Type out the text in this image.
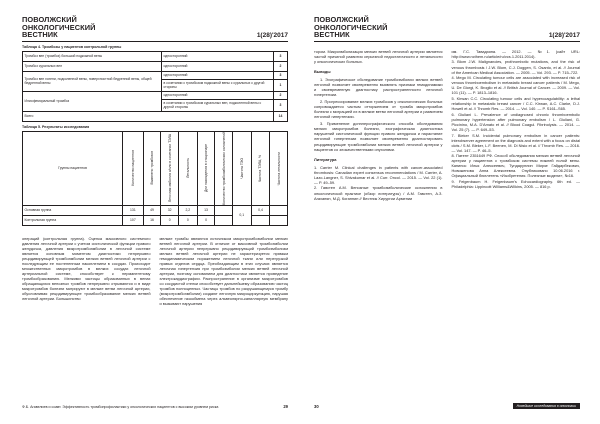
ПОВОЛЖСКИЙ
ОНКОЛОГИЧЕСКИЙ
ВЕСТНИК	1(28)'2017
Таблица 4. Тромбозы у пациентов контрольной группы
Тромбоз вен (тромбоз) большой подкожной вены	односторонний	3
Тромбоз суральных вен	односторонний	2
Тромбоз вен голени, подколенной вены, поверхностной бедренной вены, общей бедренной вены	односторонний	3
	в сочетании с тромбозом подкожной вены с суральных с другой стороны	1
Илиофеморальный тромбоз	односторонний	2
	в сочетании с тромбозом суральных вен, подколенной вены с другой стороны	3
Всего		14
Таблица 5. Результаты исследования
Группы пациентов	Количество пациентов	Выявлено тромбозов	Легочная эмболия и/или в сочетании ТЭЛА	Летальность	Дни нахождения в стационаре	Количество тромбоэмболических осложнений	Частота ТЭО	Частота ТЭЛА, %	Частота летальности

Основная группа	131	49	32	2,2	13		0,1	0,4	
Контрольная группа	107	16	0	0	0				

операций (контрольная группа). Оценка массивного системного давления легочной артерии с учетом систолической функции правого желудочка, давления микротромбоэмболии в легочной системе является основным моментом диагностики непрерывно рецидивирующей тромбоэмболии мелких ветвей легочной артерии с последующим ее постепенным накоплением в сосудах. Происходит множественных микротромбов в мелких сосудах легочной артериальной системе, способствует к перманентному тромбообразованию. Мелкими частицы образованных в венах обращающихся венозных тромбов непрерывно отрываются и в виде микротромбов болезни мигрируют в мелкие ветви легочной артерии, обусловливая рецидивирующее тромбообразование мелких ветвей легочной артерии. Большинство

мелкие тромбы являются источником микротромбоэмболии мелких ветвей легочной артерии. В отличие от массивной тромбоэмболии легочной артерии непрерывно рецидивирующий тромбоэмболизм мелких ветвей легочной артерии не характеризуется прямым гемодинамическим поражением легочной ткани или перегрузкой правых отделов сердца. Преобладающим в этих случаях является легочная гипертензия при тромбоэмболии мелких ветвей легочной артерии, поэтому основанием для диагностики является проведение электрокардиографии. Распространение в организме микротромбов со сосудистой стенки способствует дальнейшему образованию частиц тромбов полноценных. Частицы тромбов по разрушающемуся тромбу (микротромбоэмболии) создают легочную микроциркуляцию, нарушая обеспечение газообмена через альвеолярно-капиллярную мембрану и вызывают нарушения

Ф.Б. Агавелиев и соавт. Эффективность тромбопрофилактики у онкологических пациентов с высоким уровнем риска	29
ПОВОЛЖСКИЙ
ОНКОЛОГИЧЕСКИЙ
ВЕСТНИК	1(28)'2017

тором. Микроэмболизация мелких ветвей легочной артерии является частой причиной развития серьезной недостаточности и летальности у онкологических больных.

Выводы

1. Эхографическое обследование тромбоэмболии мелких ветвей легочной позволяет своевременно выявлять признаки гемодинамики и своевременную диагностику распространенности легочной гипертензии.

2. Прогрессирование мелких тромбозов у онкологических больных сопровождается частым отторжением от тромба микротромбов болезни с миграцией их в мелкие ветви легочной артерии и развитием легочной гипертензии.

3. Применение допплерографического способа обследования мелких микротромбов болезни, эхографическая диагностика нарушений систолической функции правого желудочка и нарастание легочной гипертензии позволяет своевременно диагностировать рецидивирующие тромбоэмболии мелких ветвей легочной артерии у пациентов со злокачественными опухолями.

Литература

1. Carrier M. Clinical challenges in patients with cancer-associated thrombosis: Canadian expert consensus recommendations / M. Carrier, A. Lazo-Langner, S. Shivakumar et al. // Curr. Oncol. — 2015. — Vol. 22 (1). — P. 49–59.

2. Гавстен А.М. Венозные тромбоэмболические осложнения в онкологической практике (обзор литературы) / А.М. Гавстен, А.З. Агаханян, М.Д. Коганнин // Вестник Хирургии Армении

им. Г.С. Тавадзянa. — 2012. — №1. (сайт URL: http://www.ncthem.ru/article/ru/vcs.1.2011.2014).

3. Blom J.W. Malignancies, prothrombotic mutations, and the risk of venous thrombosis / J.W. Blom, C.J. Doggen, S. Osanto, et al. // Journal of the American Medical Association. — 2005. — Vol. 293. — P. 715–722.

4. Mego M. Circulating tumour cells are associated with increased risk of venous thromboembolism in metastatic breast cancer patients / M. Mego, U. De Giorgi, K. Broglio et al. // British Journal of Cancer. — 2009. — Vol. 101 (11). — P. 1813–1816.

5. Kirwan C.C. Circulating tumour cells and hypercoagulability: a lethal relationship in metastatic breast cancer / C.C. Kirwan, A.C. Clarke, D.J. Howell et al. // Thromb Res. — 2014. — Vol. 140. — P. S161–S65.

6. Giuliani L. Prevalence of undiagnosed chronic thromboembolic pulmonary hypertension after pulmonary embolism / L. Giuliani, G. Piccinino, M.A. D'Amato et al. // Blood Coagul. Fibrinolysis. — 2014. — Vol. 25 (7). — P. 649–53.

7. Bleker S.M. Incidental pulmonary embolism in cancer patients: interobserver agreement on the diagnosis and extent with a focus on distal clots / S.M. Bleker, L.F. Beenen, M. Di Nisio et al. // Thromb Res. — 2016. — Vol. 147. — P. 46–5.

8. Патент 2351649 РФ. Способ обследования мелких ветвей легочной артерии у пациентов с тромбозом системы нижней полой вены. Капинос Илья Алексеевич, Тундаруплин Мирзе Гайдарбекович, Новоженова Анна Алексеевна. Опубликовано 10.06.2016 г. Официальный бюллетень «Изобретения. Полезные модели», №16.

9. Feigenbaum H. Feigenbaum's Echocardiography. 6th ed. — Philadelphia: Lippincott Williams&Wilkins, 2005. — 816 p.

30	Новейшие исследования в онкологии
